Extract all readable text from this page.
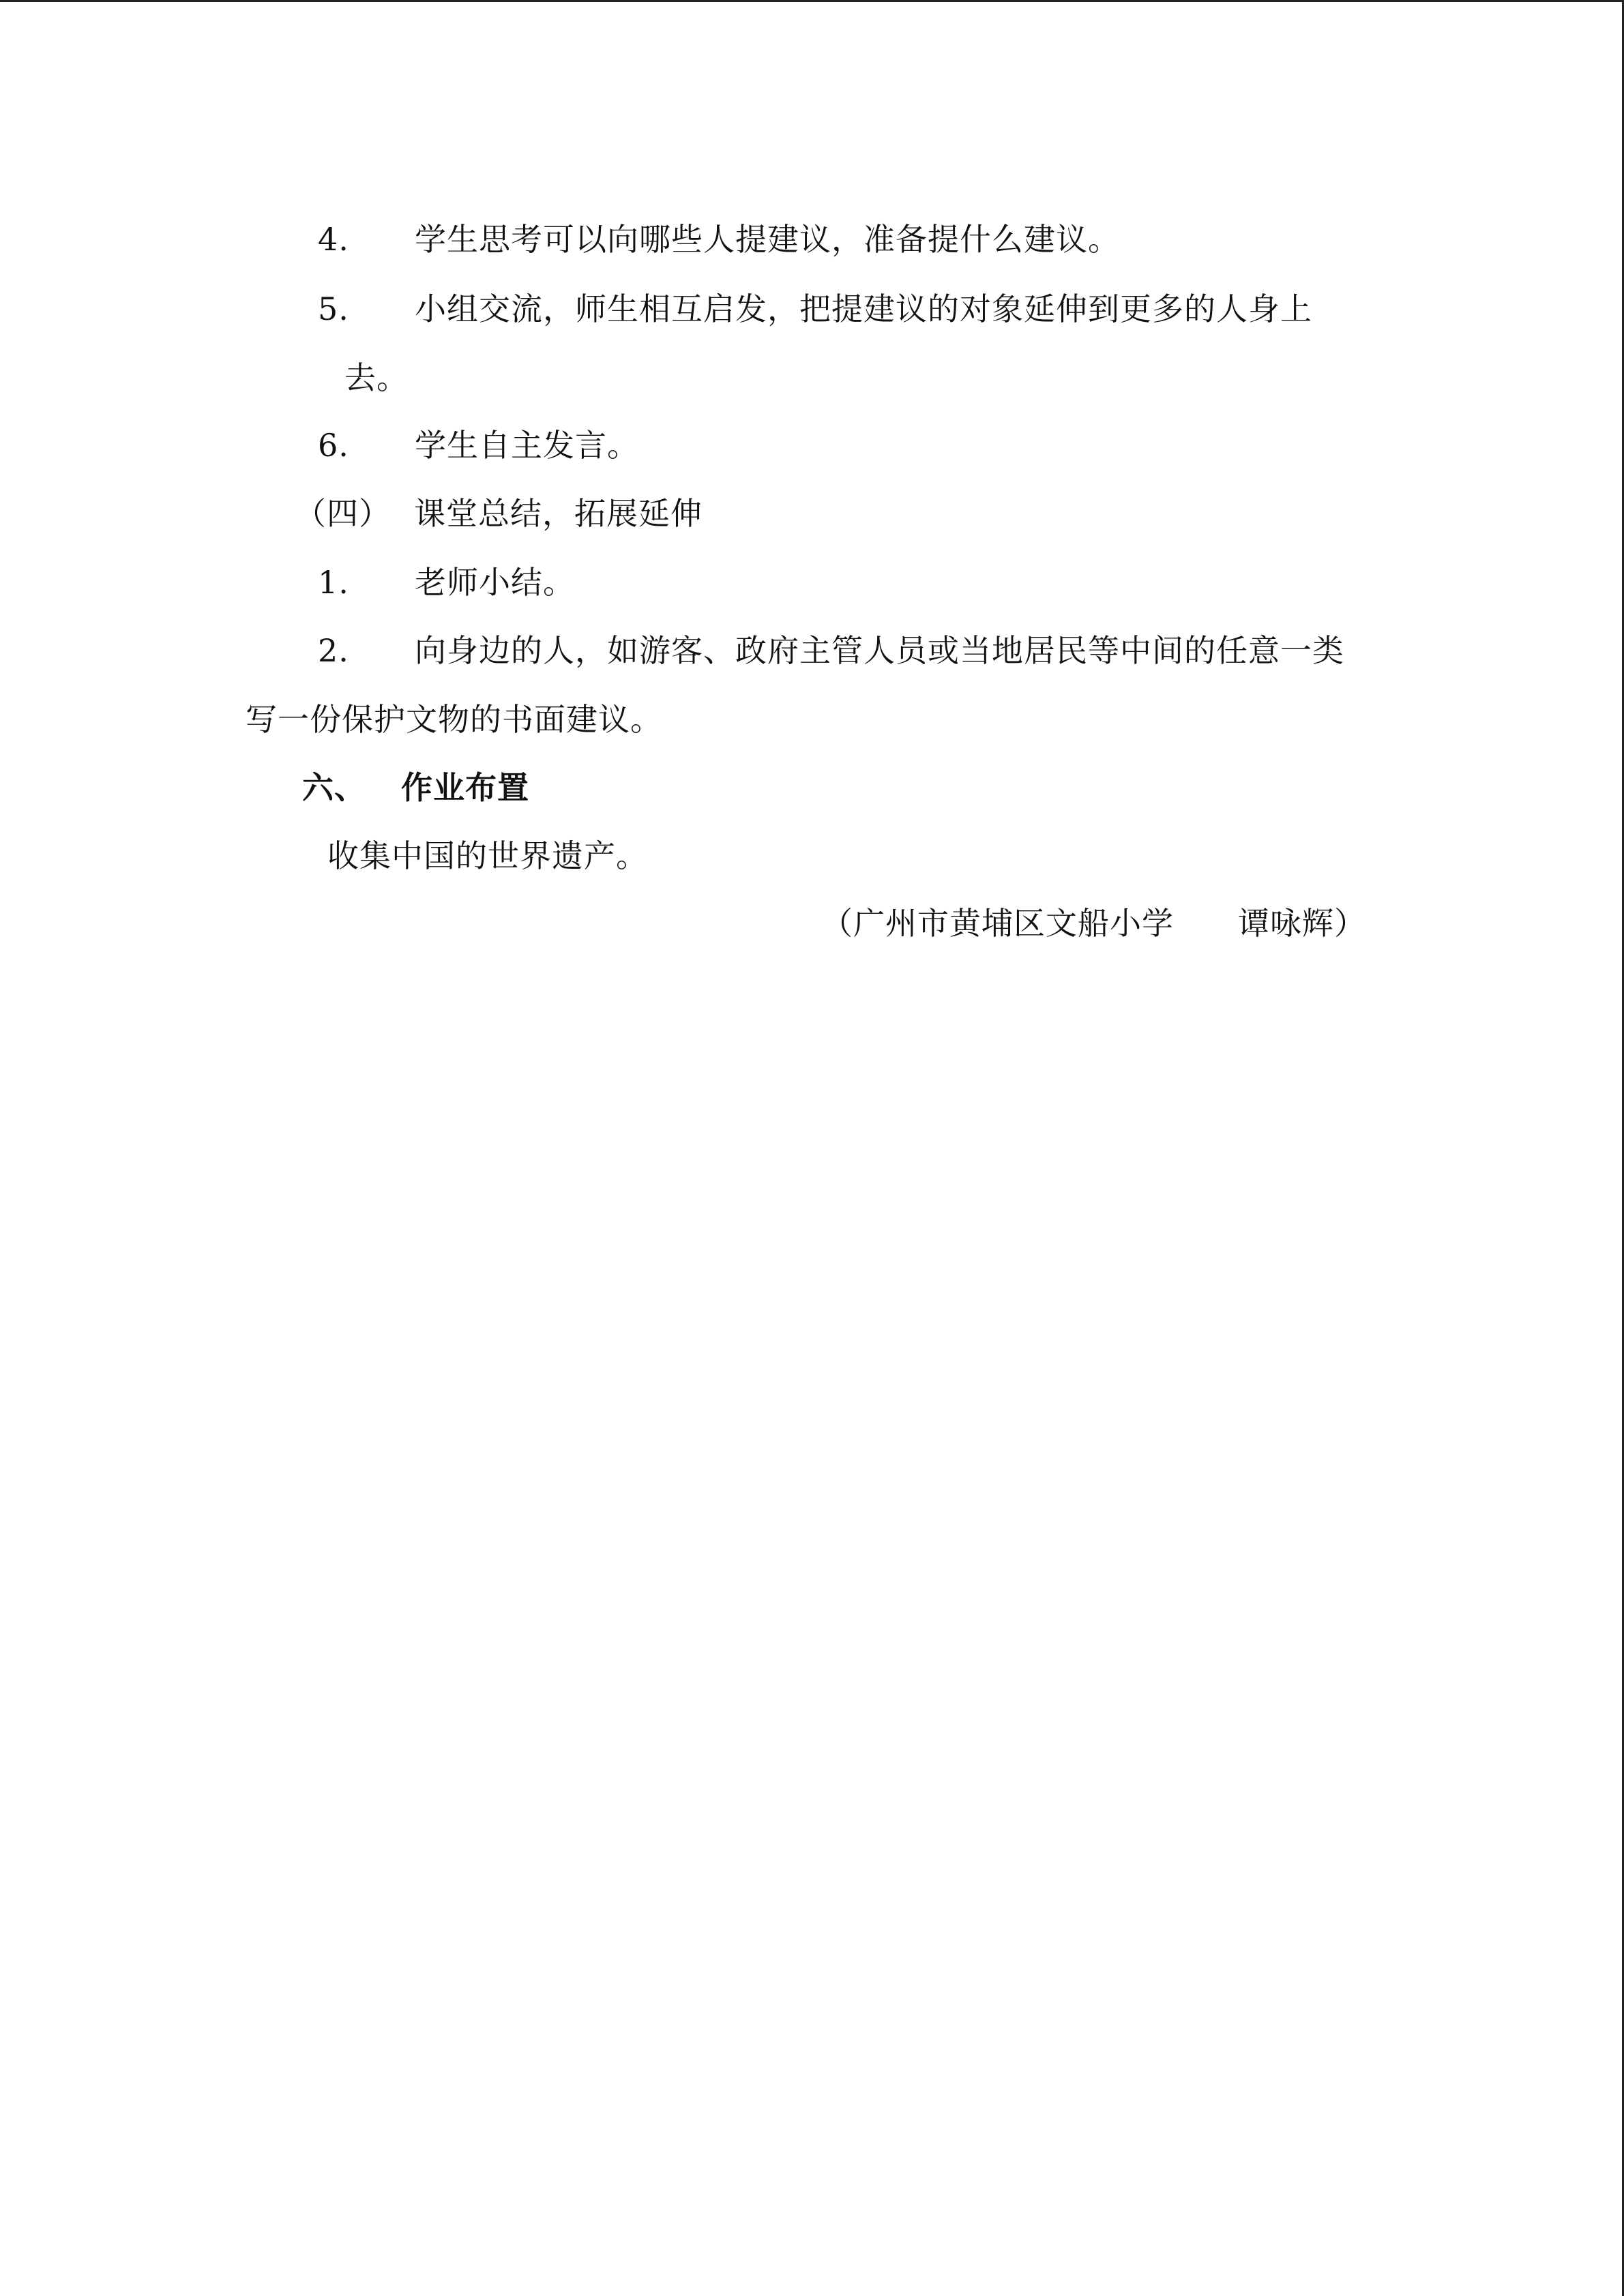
4. 学生思考可以向哪些人提建议，准备提什么建议。
5. 小组交流，师生相互启发，把提建议的对象延伸到更多的人身上
去。
6. 学生自主发言。
（四） 课堂总结，拓展延伸
1. 老师小结。
2. 向身边的人，如游客、政府主管人员或当地居民等中间的任意一类
写一份保护文物的书面建议。
六、 作业布置
收集中国的世界遗产。
（广州市黄埔区文船小学　　谭咏辉）
